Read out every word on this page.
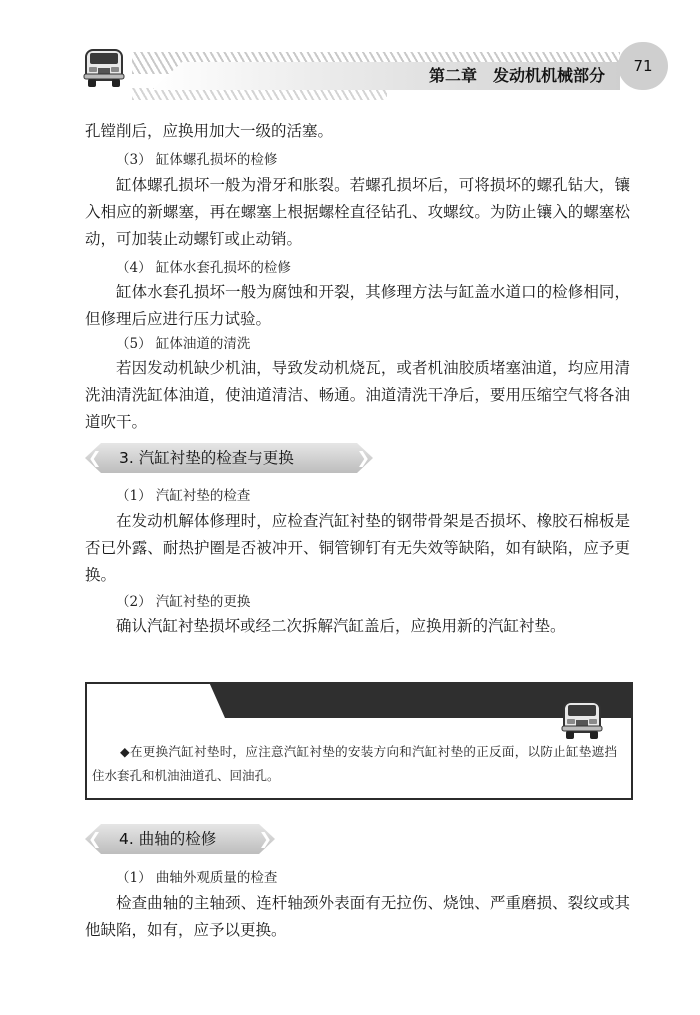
第二章　发动机机械部分	71

孔镗削后，应换用加大一级的活塞。

（3） 缸体螺孔损坏的检修

缸体螺孔损坏一般为滑牙和胀裂。若螺孔损坏后，可将损坏的螺孔钻大，镶入相应的新螺塞，再在螺塞上根据螺栓直径钻孔、攻螺纹。为防止镶入的螺塞松动，可加装止动螺钉或止动销。

（4） 缸体水套孔损坏的检修

缸体水套孔损坏一般为腐蚀和开裂，其修理方法与缸盖水道口的检修相同，但修理后应进行压力试验。

（5） 缸体油道的清洗

若因发动机缺少机油，导致发动机烧瓦，或者机油胶质堵塞油道，均应用清洗油清洗缸体油道，使油道清洁、畅通。油道清洗干净后，要用压缩空气将各油道吹干。

❮	❯
3. 汽缸衬垫的检查与更换

（1） 汽缸衬垫的检查

在发动机解体修理时，应检查汽缸衬垫的钢带骨架是否损坏、橡胶石棉板是否已外露、耐热护圈是否被冲开、铜管铆钉有无失效等缺陷，如有缺陷，应予更换。

（2） 汽缸衬垫的更换

确认汽缸衬垫损坏或经二次拆解汽缸盖后，应换用新的汽缸衬垫。

维修提示

◆在更换汽缸衬垫时，应注意汽缸衬垫的安装方向和汽缸衬垫的正反面，以防止缸垫遮挡住水套孔和机油油道孔、回油孔。

❮	❯
4. 曲轴的检修

（1） 曲轴外观质量的检查

检查曲轴的主轴颈、连杆轴颈外表面有无拉伤、烧蚀、严重磨损、裂纹或其他缺陷，如有，应予以更换。
